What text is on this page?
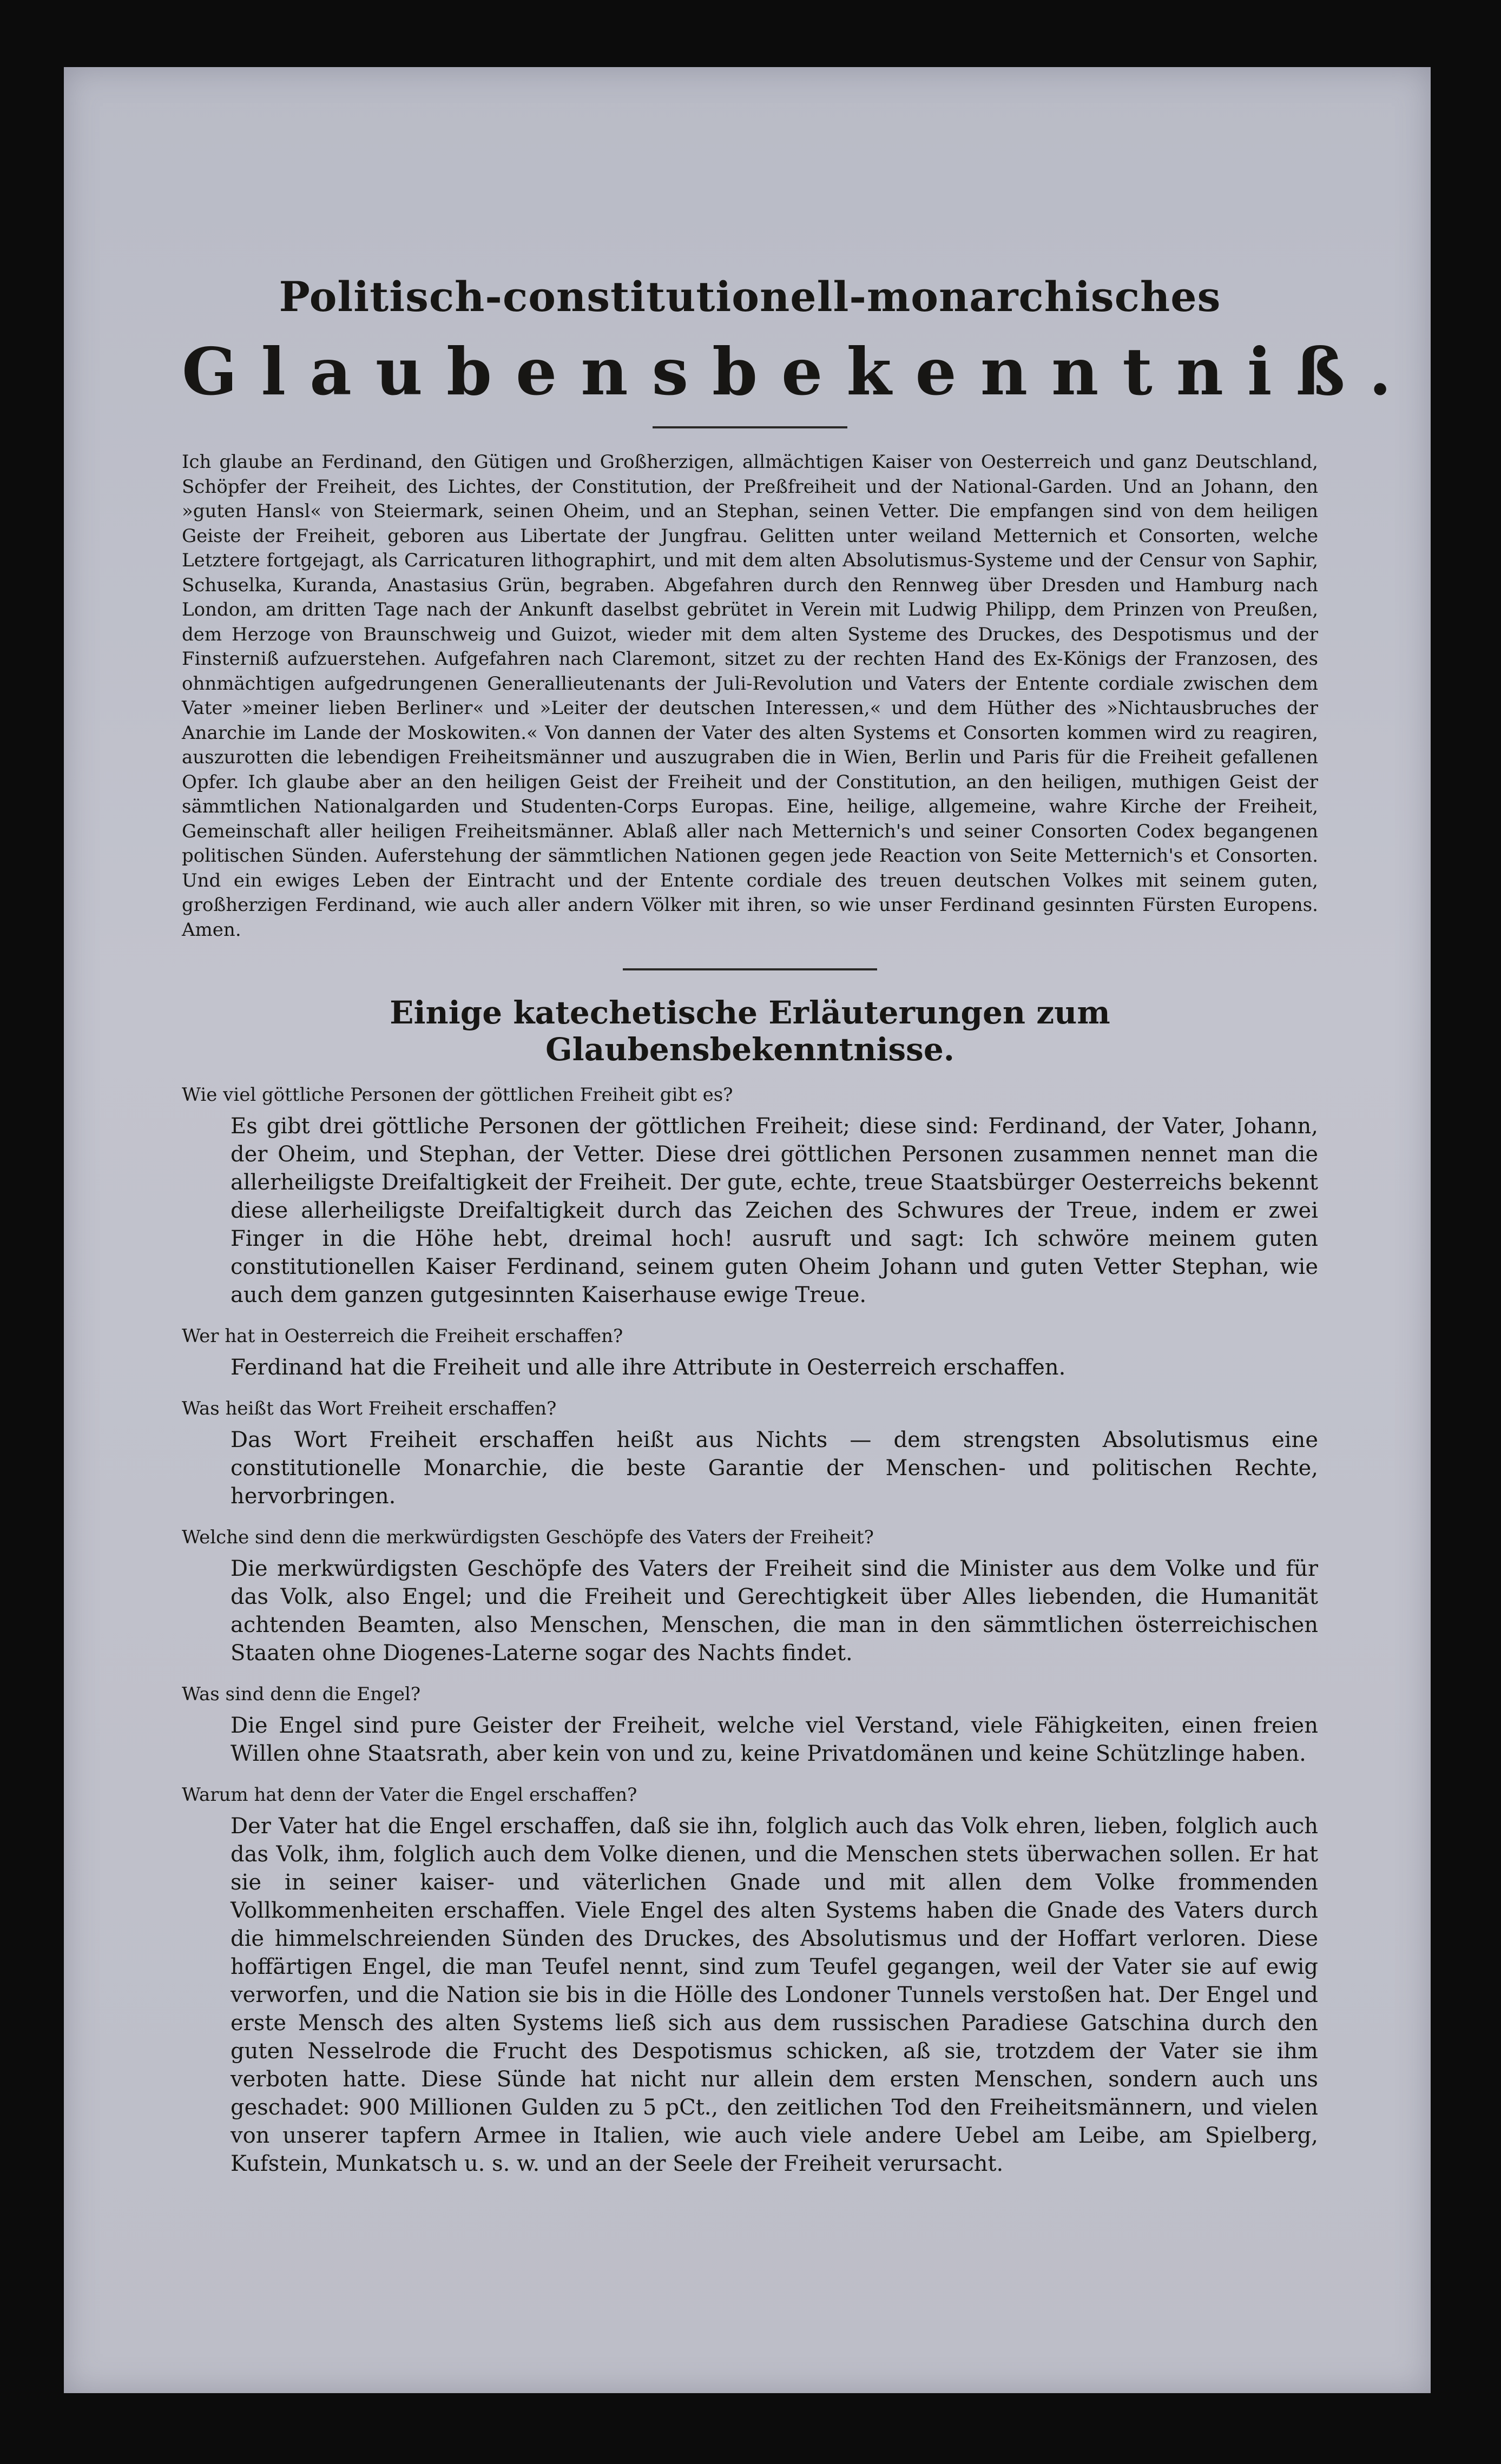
Politisch-constitutionell-monarchisches
Glaubensbekenntniß.

Ich glaube an Ferdinand, den Gütigen und Großherzigen, allmächtigen Kaiser von Oesterreich und ganz Deutschland, Schöpfer der Freiheit, des Lichtes, der Constitution, der Preßfreiheit und der National-Garden. Und an Johann, den »guten Hansl« von Steiermark, seinen Oheim, und an Stephan, seinen Vetter. Die empfangen sind von dem heiligen Geiste der Freiheit, geboren aus Libertate der Jungfrau. Gelitten unter weiland Metternich et Consorten, welche Letztere fortgejagt, als Carricaturen lithographirt, und mit dem alten Absolutismus-Systeme und der Censur von Saphir, Schuselka, Kuranda, Anastasius Grün, begraben. Abgefahren durch den Rennweg über Dresden und Hamburg nach London, am dritten Tage nach der Ankunft daselbst gebrütet in Verein mit Ludwig Philipp, dem Prinzen von Preußen, dem Herzoge von Braunschweig und Guizot, wieder mit dem alten Systeme des Druckes, des Despotismus und der Finsterniß aufzuerstehen. Aufgefahren nach Claremont, sitzet zu der rechten Hand des Ex-Königs der Franzosen, des ohnmächtigen aufgedrungenen Generallieutenants der Juli-Revolution und Vaters der Entente cordiale zwischen dem Vater »meiner lieben Berliner« und »Leiter der deutschen Interessen,« und dem Hüther des »Nichtausbruches der Anarchie im Lande der Moskowiten.« Von dannen der Vater des alten Systems et Consorten kommen wird zu reagiren, auszurotten die lebendigen Freiheitsmänner und auszugraben die in Wien, Berlin und Paris für die Freiheit gefallenen Opfer. Ich glaube aber an den heiligen Geist der Freiheit und der Constitution, an den heiligen, muthigen Geist der sämmtlichen Nationalgarden und Studenten-Corps Europas. Eine, heilige, allgemeine, wahre Kirche der Freiheit, Gemeinschaft aller heiligen Freiheitsmänner. Ablaß aller nach Metternich's und seiner Consorten Codex begangenen politischen Sünden. Auferstehung der sämmtlichen Nationen gegen jede Reaction von Seite Metternich's et Consorten. Und ein ewiges Leben der Eintracht und der Entente cordiale des treuen deutschen Volkes mit seinem guten, großherzigen Ferdinand, wie auch aller andern Völker mit ihren, so wie unser Ferdinand gesinnten Fürsten Europens. Amen.

Einige katechetische Erläuterungen zum Glaubensbekenntnisse.
Wie viel göttliche Personen der göttlichen Freiheit gibt es?
Es gibt drei göttliche Personen der göttlichen Freiheit; diese sind: Ferdinand, der Vater, Johann, der Oheim, und Stephan, der Vetter. Diese drei göttlichen Personen zusammen nennet man die allerheiligste Dreifaltigkeit der Freiheit. Der gute, echte, treue Staatsbürger Oesterreichs bekennt diese allerheiligste Dreifaltigkeit durch das Zeichen des Schwures der Treue, indem er zwei Finger in die Höhe hebt, dreimal hoch! ausruft und sagt: Ich schwöre meinem guten constitutionellen Kaiser Ferdinand, seinem guten Oheim Johann und guten Vetter Stephan, wie auch dem ganzen gutgesinnten Kaiserhause ewige Treue.
Wer hat in Oesterreich die Freiheit erschaffen?
Ferdinand hat die Freiheit und alle ihre Attribute in Oesterreich erschaffen.
Was heißt das Wort Freiheit erschaffen?
Das Wort Freiheit erschaffen heißt aus Nichts — dem strengsten Absolutismus eine constitutionelle Monarchie, die beste Garantie der Menschen- und politischen Rechte, hervorbringen.
Welche sind denn die merkwürdigsten Geschöpfe des Vaters der Freiheit?
Die merkwürdigsten Geschöpfe des Vaters der Freiheit sind die Minister aus dem Volke und für das Volk, also Engel; und die Freiheit und Gerechtigkeit über Alles liebenden, die Humanität achtenden Beamten, also Menschen, Menschen, die man in den sämmtlichen österreichischen Staaten ohne Diogenes-Laterne sogar des Nachts findet.
Was sind denn die Engel?
Die Engel sind pure Geister der Freiheit, welche viel Verstand, viele Fähigkeiten, einen freien Willen ohne Staatsrath, aber kein von und zu, keine Privatdomänen und keine Schützlinge haben.
Warum hat denn der Vater die Engel erschaffen?
Der Vater hat die Engel erschaffen, daß sie ihn, folglich auch das Volk ehren, lieben, folglich auch das Volk, ihm, folglich auch dem Volke dienen, und die Menschen stets überwachen sollen. Er hat sie in seiner kaiser- und väterlichen Gnade und mit allen dem Volke frommenden Vollkommenheiten erschaffen. Viele Engel des alten Systems haben die Gnade des Vaters durch die himmelschreienden Sünden des Druckes, des Absolutismus und der Hoffart verloren. Diese hoffärtigen Engel, die man Teufel nennt, sind zum Teufel gegangen, weil der Vater sie auf ewig verworfen, und die Nation sie bis in die Hölle des Londoner Tunnels verstoßen hat. Der Engel und erste Mensch des alten Systems ließ sich aus dem russischen Paradiese Gatschina durch den guten Nesselrode die Frucht des Despotismus schicken, aß sie, trotzdem der Vater sie ihm verboten hatte. Diese Sünde hat nicht nur allein dem ersten Menschen, sondern auch uns geschadet: 900 Millionen Gulden zu 5 pCt., den zeitlichen Tod den Freiheitsmännern, und vielen von unserer tapfern Armee in Italien, wie auch viele andere Uebel am Leibe, am Spielberg, Kufstein, Munkatsch u. s. w. und an der Seele der Freiheit verursacht.
